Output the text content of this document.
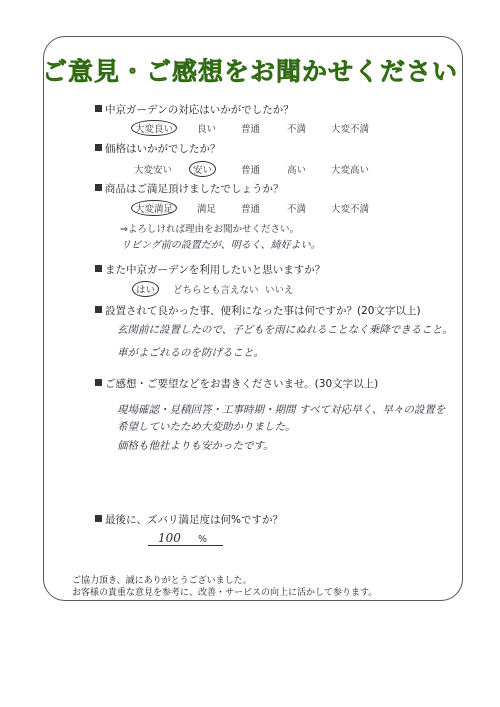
ご意見・ご感想をお聞かせください
中京ガーデンの対応はいかがでしたか？
大変良い	良い	普通	不満	大変不満
価格はいかがでしたか？
大変安い	安い	普通	高い	大変高い
商品はご満足頂けましたでしょうか？
大変満足	満足	普通	不満	大変不満
⇒よろしければ理由をお聞かせください。
リビング前の設置だが、明るく、綺好よい。
また中京ガーデンを利用したいと思いますか？
はい	どちらとも言えない いいえ
設置されて良かった事、便利になった事は何ですか？(20文字以上)
玄関前に設置したので、子どもを雨にぬれることなく乗降できること。
車がよごれるのを防げること。
ご感想・ご要望などをお書きくださいませ。(30文字以上)
現場確認・見積回答・工事時期・期間 すべて対応早く、早々の設置を
希望していたため大変助かりました。
価格も他社よりも安かったです。
最後に、ズバリ満足度は何%ですか？
100 %
ご協力頂き、誠にありがとうございました。
お客様の貴重な意見を参考に、改善・サービスの向上に活かして参ります。
